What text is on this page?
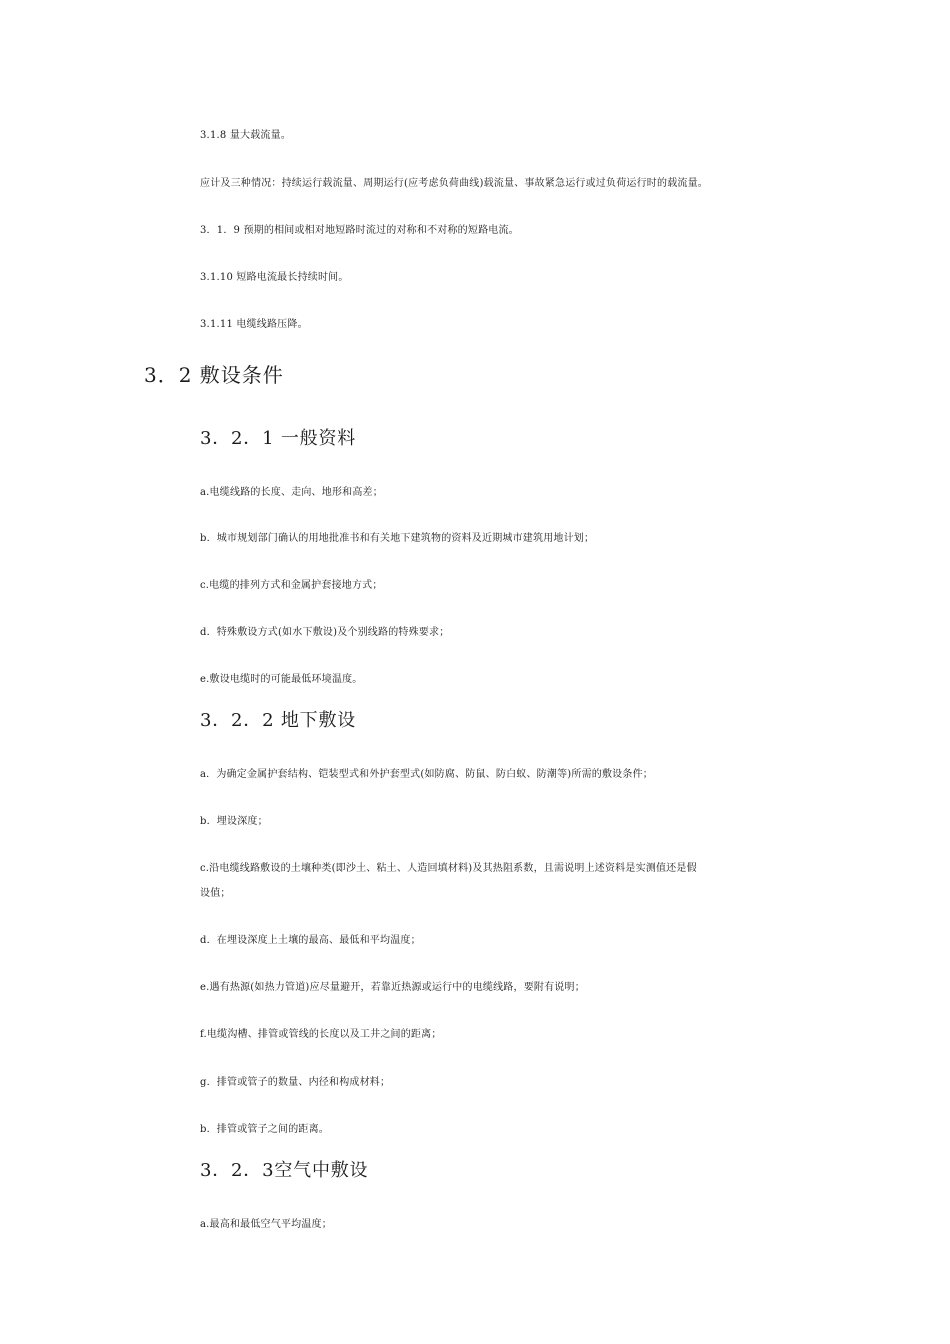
3.1.8 量大载流量。
应计及三种情况：持续运行载流量、周期运行(应考虑负荷曲线)载流量、事故紧急运行或过负荷运行时的载流量。
3．1．9 预期的相间或相对地短路时流过的对称和不对称的短路电流。
3.1.10 短路电流最长持续时间。
3.1.11 电缆线路压降。
3．2 敷设条件
3．2．1 一般资料
a.电缆线路的长度、走向、地形和高差；
b．城市规划部门确认的用地批准书和有关地下建筑物的资料及近期城市建筑用地计划；
c.电缆的排列方式和金属护套接地方式；
d．特殊敷设方式(如水下敷设)及个别线路的特殊要求；
e.敷设电缆时的可能最低环境温度。
3．2．2 地下敷设
a．为确定金属护套结构、铠装型式和外护套型式(如防腐、防鼠、防白蚁、防潮等)所需的敷设条件；
b．埋设深度；
c.沿电缆线路敷设的土壤种类(即沙土、粘土、人造回填材料)及其热阻系数，且需说明上述资料是实测值还是假
设值；
d．在埋设深度上土壤的最高、最低和平均温度；
e.遇有热源(如热力管道)应尽量避开，若靠近热源或运行中的电缆线路，要附有说明；
f.电缆沟槽、排管或管线的长度以及工井之间的距离；
g．排管或管子的数量、内径和构成材料；
b．排管或管子之间的距离。
3．2．3空气中敷设
a.最高和最低空气平均温度；
